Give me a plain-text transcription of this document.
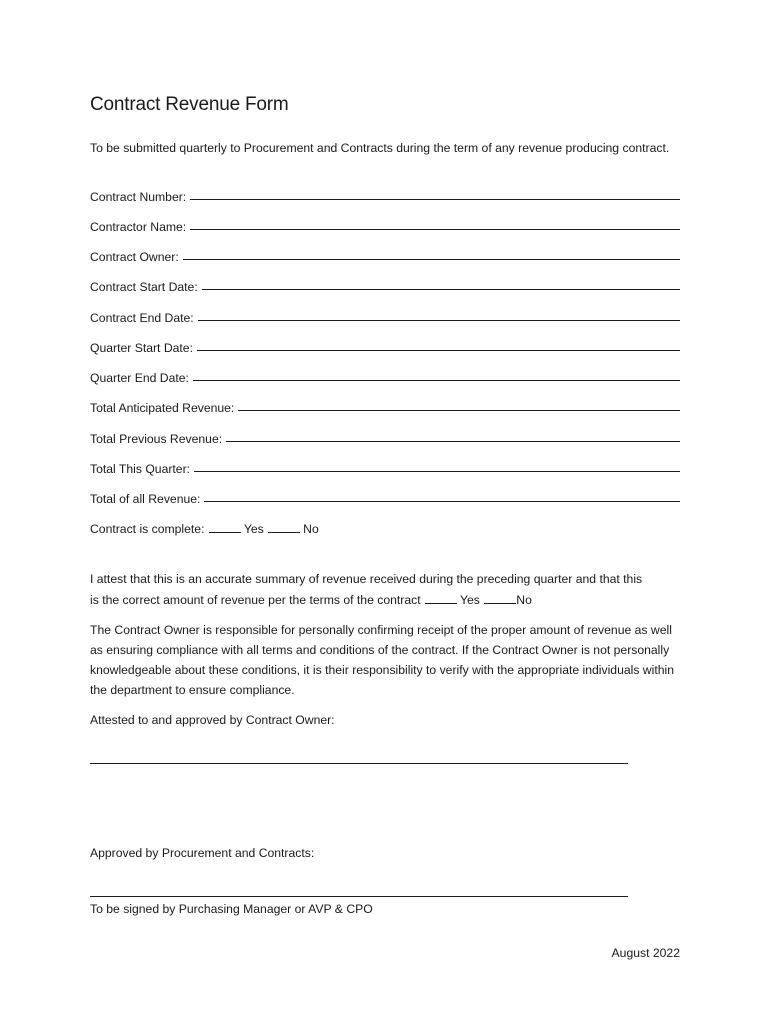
Contract Revenue Form
To be submitted quarterly to Procurement and Contracts during the term of any revenue producing contract.
Contract Number:
Contractor Name:
Contract Owner:
Contract Start Date:
Contract End Date:
Quarter Start Date:
Quarter End Date:
Total Anticipated Revenue:
Total Previous Revenue:
Total This Quarter:
Total of all Revenue:
Contract is complete:	Yes	No
I attest that this is an accurate summary of revenue received during the preceding quarter and that this
is the correct amount of revenue per the terms of the contract	Yes	No
The Contract Owner is responsible for personally confirming receipt of the proper amount of revenue as well as ensuring compliance with all terms and conditions of the contract. If the Contract Owner is not personally knowledgeable about these conditions, it is their responsibility to verify with the appropriate individuals within the department to ensure compliance.
Attested to and approved by Contract Owner:
Approved by Procurement and Contracts:
To be signed by Purchasing Manager or AVP & CPO
August 2022
